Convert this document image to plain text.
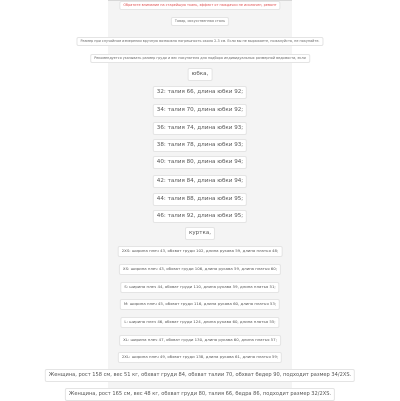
Обратите внимание на старейшую ткань, эффект от наждачки не исключен, ремонт
Товар, искусственная сталь
Размер при случайном измерении вручную возможна погрешность около 2-3 см. Если вы не выражаете, пожалуйста, не покупайте.
Рекомендуется указывать размер груди и вес покупателя для подбора индивидуальных размерной ведомости, если
юбка,
32: талия 66, длина юбки 92;
34: талия 70, длина юбки 92;
36: талия 74, длина юбки 93;
38: талия 78, длина юбки 93;
40: талия 80, длина юбки 94;
42: талия 84, длина юбки 94;
44: талия 88, длина юбки 95;
46: талия 92, длина юбки 95;
куртка,
2XS: ширина плеч 43, обхват груди 102, длина рукава 59, длина платья 48;
XS: ширина плеч 43, обхват груди 106, длина рукава 59, длина платья 60;
S: ширина плеч 44, обхват груди 110, длина рукава 59, длина платья 51;
M: ширина плеч 45, обхват груди 116, длина рукава 60, длина платья 53;
L: ширина плеч 46, обхват груди 124, длина рукава 60, длина платья 55;
XL: ширина плеч 47, обхват груди 130, длина рукава 60, длина платья 57;
2XL: ширина плеч 49, обхват груди 138, длина рукава 61, длина платья 59;
Женщина, рост 158 см, вес 51 кг, обхват груди 84, обхват талии 70, обхват бедер 90, подходит размер 34/2XS.
Женщина, рост 165 см, вес 48 кг, обхват груди 80, талия 66, бедра 86, подходит размер 32/2XS.
